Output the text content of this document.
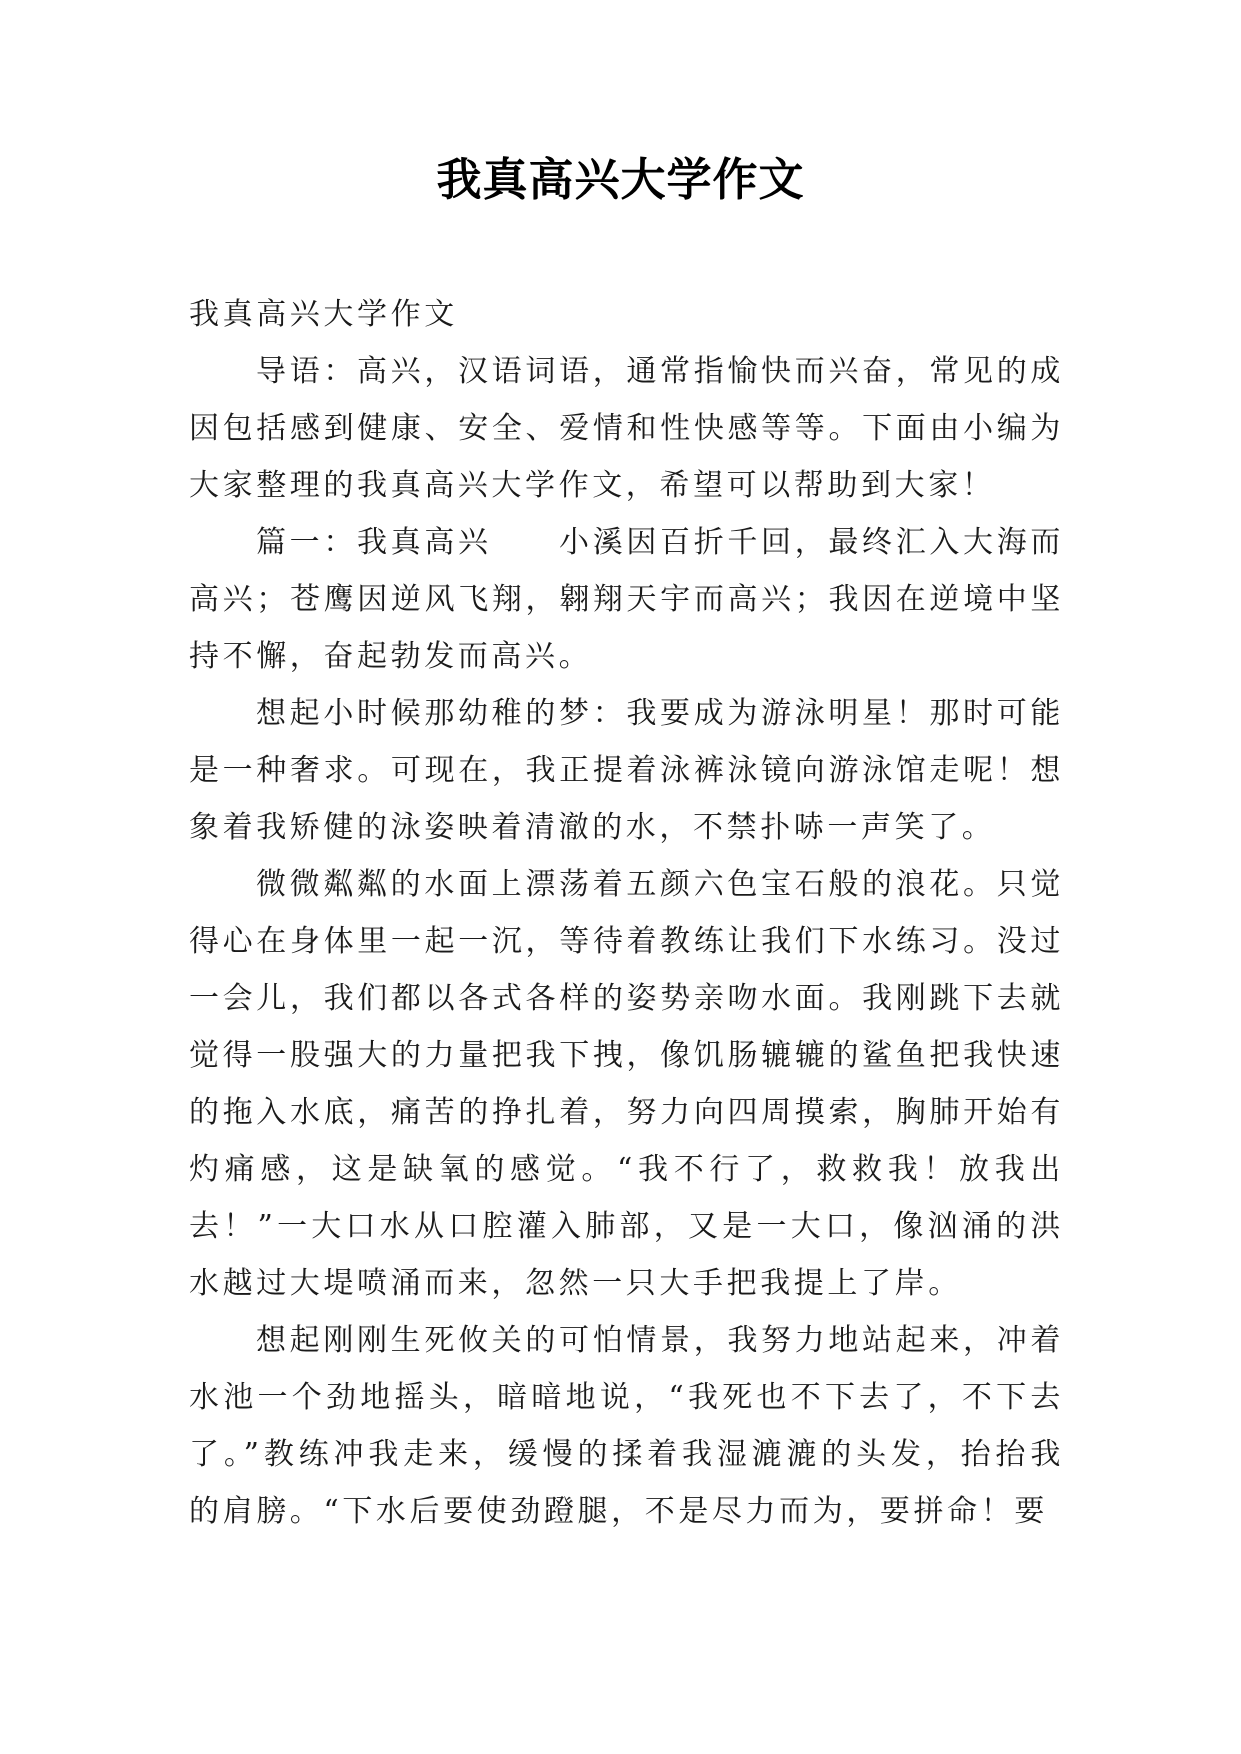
我真高兴大学作文

我真高兴大学作文

导语：高兴，汉语词语，通常指愉快而兴奋，常见的成因包括感到健康、安全、爱情和性快感等等。下面由小编为大家整理的我真高兴大学作文，希望可以帮助到大家！

篇一：我真高兴　　小溪因百折千回，最终汇入大海而高兴；苍鹰因逆风飞翔，翱翔天宇而高兴；我因在逆境中坚持不懈，奋起勃发而高兴。

想起小时候那幼稚的梦：我要成为游泳明星！那时可能是一种奢求。可现在，我正提着泳裤泳镜向游泳馆走呢！想象着我矫健的泳姿映着清澈的水，不禁扑哧一声笑了。

微微粼粼的水面上漂荡着五颜六色宝石般的浪花。只觉得心在身体里一起一沉，等待着教练让我们下水练习。没过一会儿，我们都以各式各样的姿势亲吻水面。我刚跳下去就觉得一股强大的力量把我下拽，像饥肠辘辘的鲨鱼把我快速的拖入水底，痛苦的挣扎着，努力向四周摸索，胸肺开始有灼痛感，这是缺氧的感觉。“我不行了，救救我！放我出去！”一大口水从口腔灌入肺部，又是一大口，像汹涌的洪水越过大堤喷涌而来，忽然一只大手把我提上了岸。

想起刚刚生死攸关的可怕情景，我努力地站起来，冲着水池一个劲地摇头，暗暗地说，“我死也不下去了，不下去了。”教练冲我走来，缓慢的揉着我湿漉漉的头发，抬抬我的肩膀。“下水后要使劲蹬腿，不是尽力而为，要拼命！要
